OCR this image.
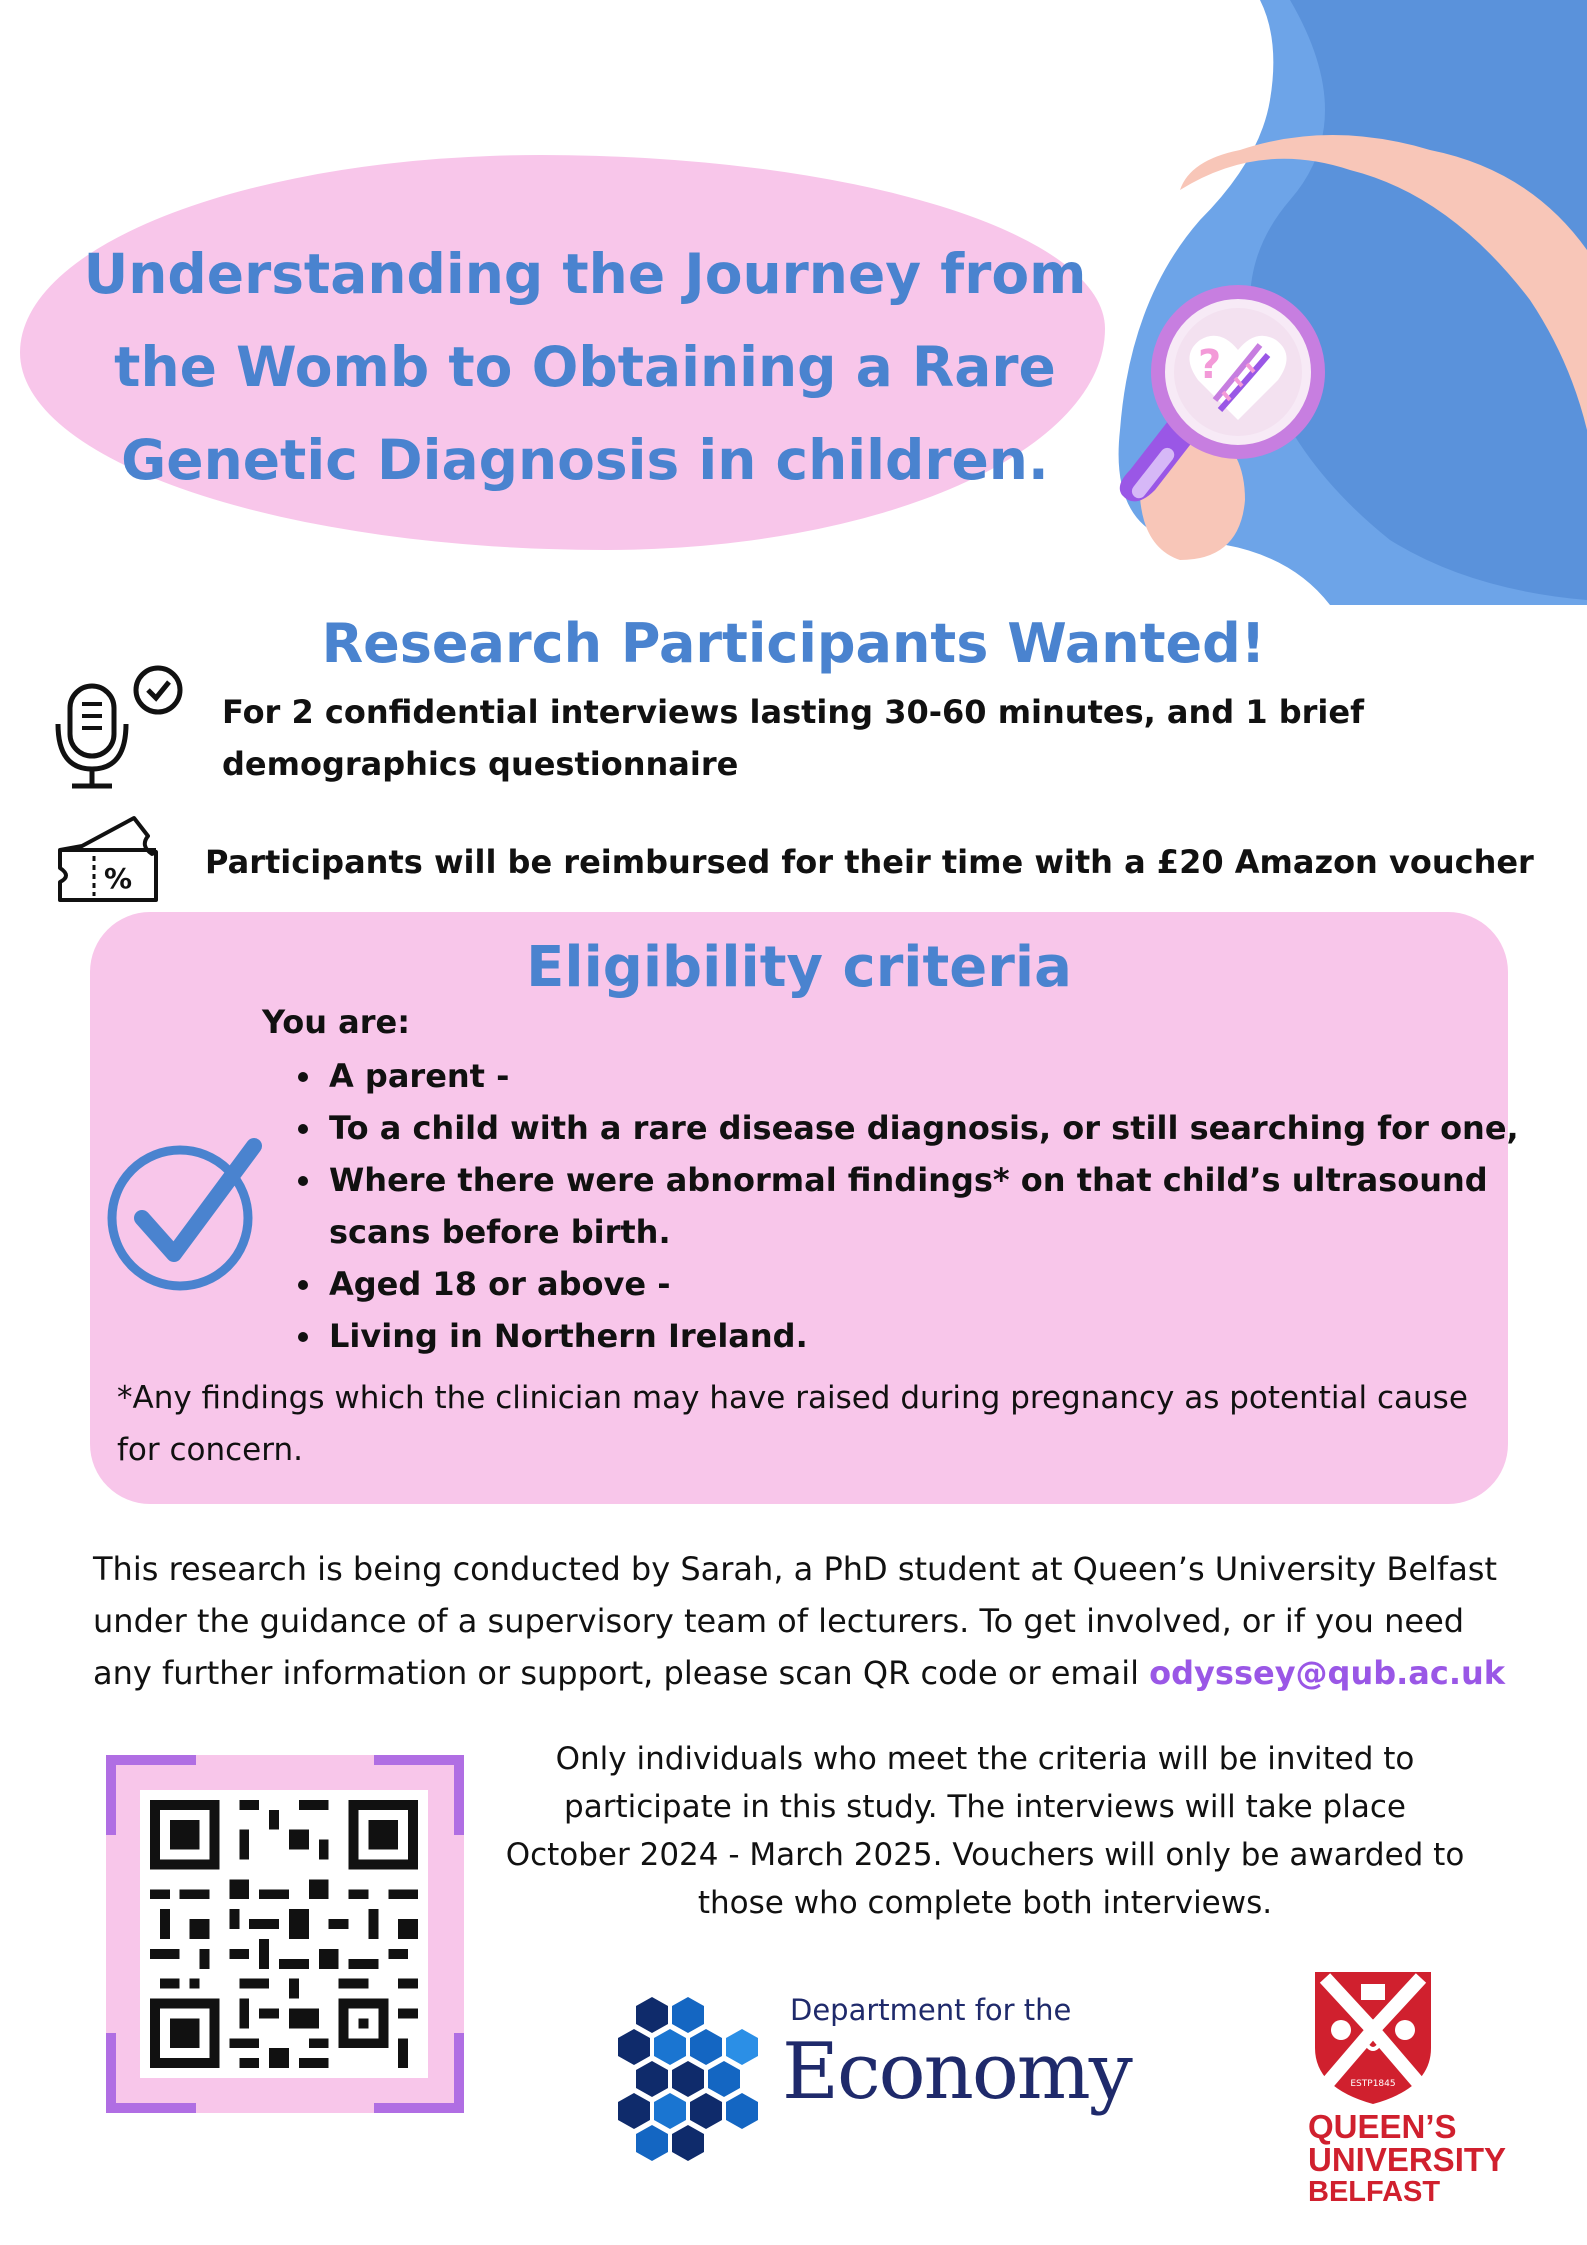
Understanding the Journey from the Womb to Obtaining a Rare Genetic Diagnosis in children.
?
Research Participants Wanted!
For 2 confidential interviews lasting 30-60 minutes, and 1 brief demographics questionnaire
% Participants will be reimbursed for their time with a £20 Amazon voucher
Eligibility criteria
You are:
• A parent -
• To a child with a rare disease diagnosis, or still searching for one,
• Where there were abnormal findings* on that child’s ultrasound scans before birth.
• Aged 18 or above -
• Living in Northern Ireland.
*Any findings which the clinician may have raised during pregnancy as potential cause for concern.
This research is being conducted by Sarah, a PhD student at Queen’s University Belfast under the guidance of a supervisory team of lecturers. To get involved, or if you need any further information or support, please scan QR code or email odyssey@qub.ac.uk
Only individuals who meet the criteria will be invited to participate in this study. The interviews will take place October 2024 - March 2025. Vouchers will only be awarded to those who complete both interviews.
Department for the
Economy	ESTP1845
QUEEN’S
UNIVERSITY
BELFAST
